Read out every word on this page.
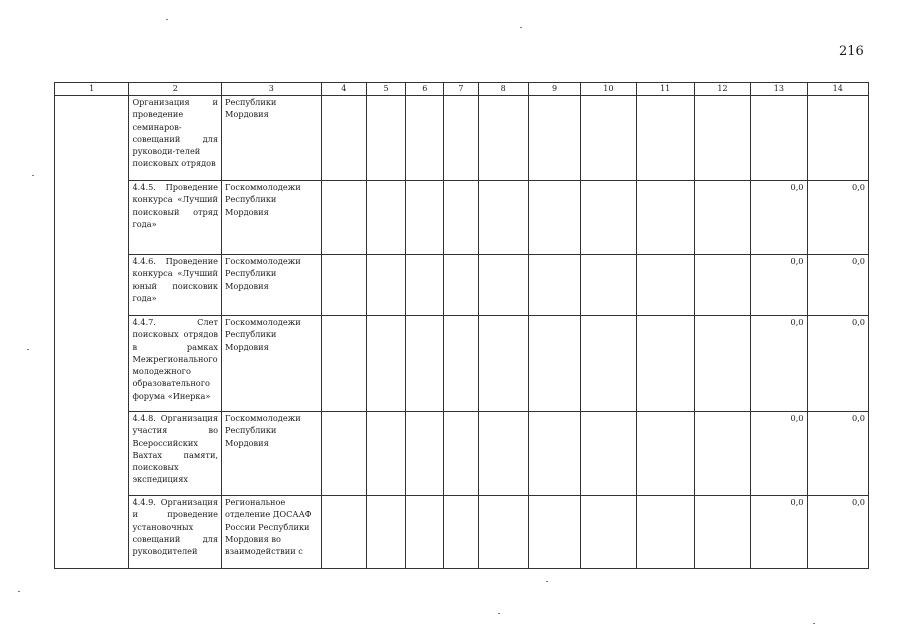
216
1	2	3	4	5	6	7	8	9	10	11	12	13	14
	Организация и проведение семинаров-совещаний для руководи-телей поисковых отрядов	Республики Мордовия											
	4.4.5. Проведение конкурса «Лучший поисковый отряд года»	Госкоммолодежи Республики Мордовия										0,0	0,0
	4.4.6. Проведение конкурса «Лучший юный поисковик года»	Госкоммолодежи Республики Мордовия										0,0	0,0
	4.4.7. Слет поисковых отрядов в рамках Межрегионального молодежного образовательного форума «Инерка»	Госкоммолодежи Республики Мордовия										0,0	0,0
	4.4.8. Организация участия во Всероссийских Вахтах памяти, поисковых экспедициях	Госкоммолодежи Республики Мордовия										0,0	0,0
	4.4.9. Организация и проведение установочных совещаний для руководителей	Региональное отделение ДОСААФ России Республики Мордовия во взаимодействии с										0,0	0,0
